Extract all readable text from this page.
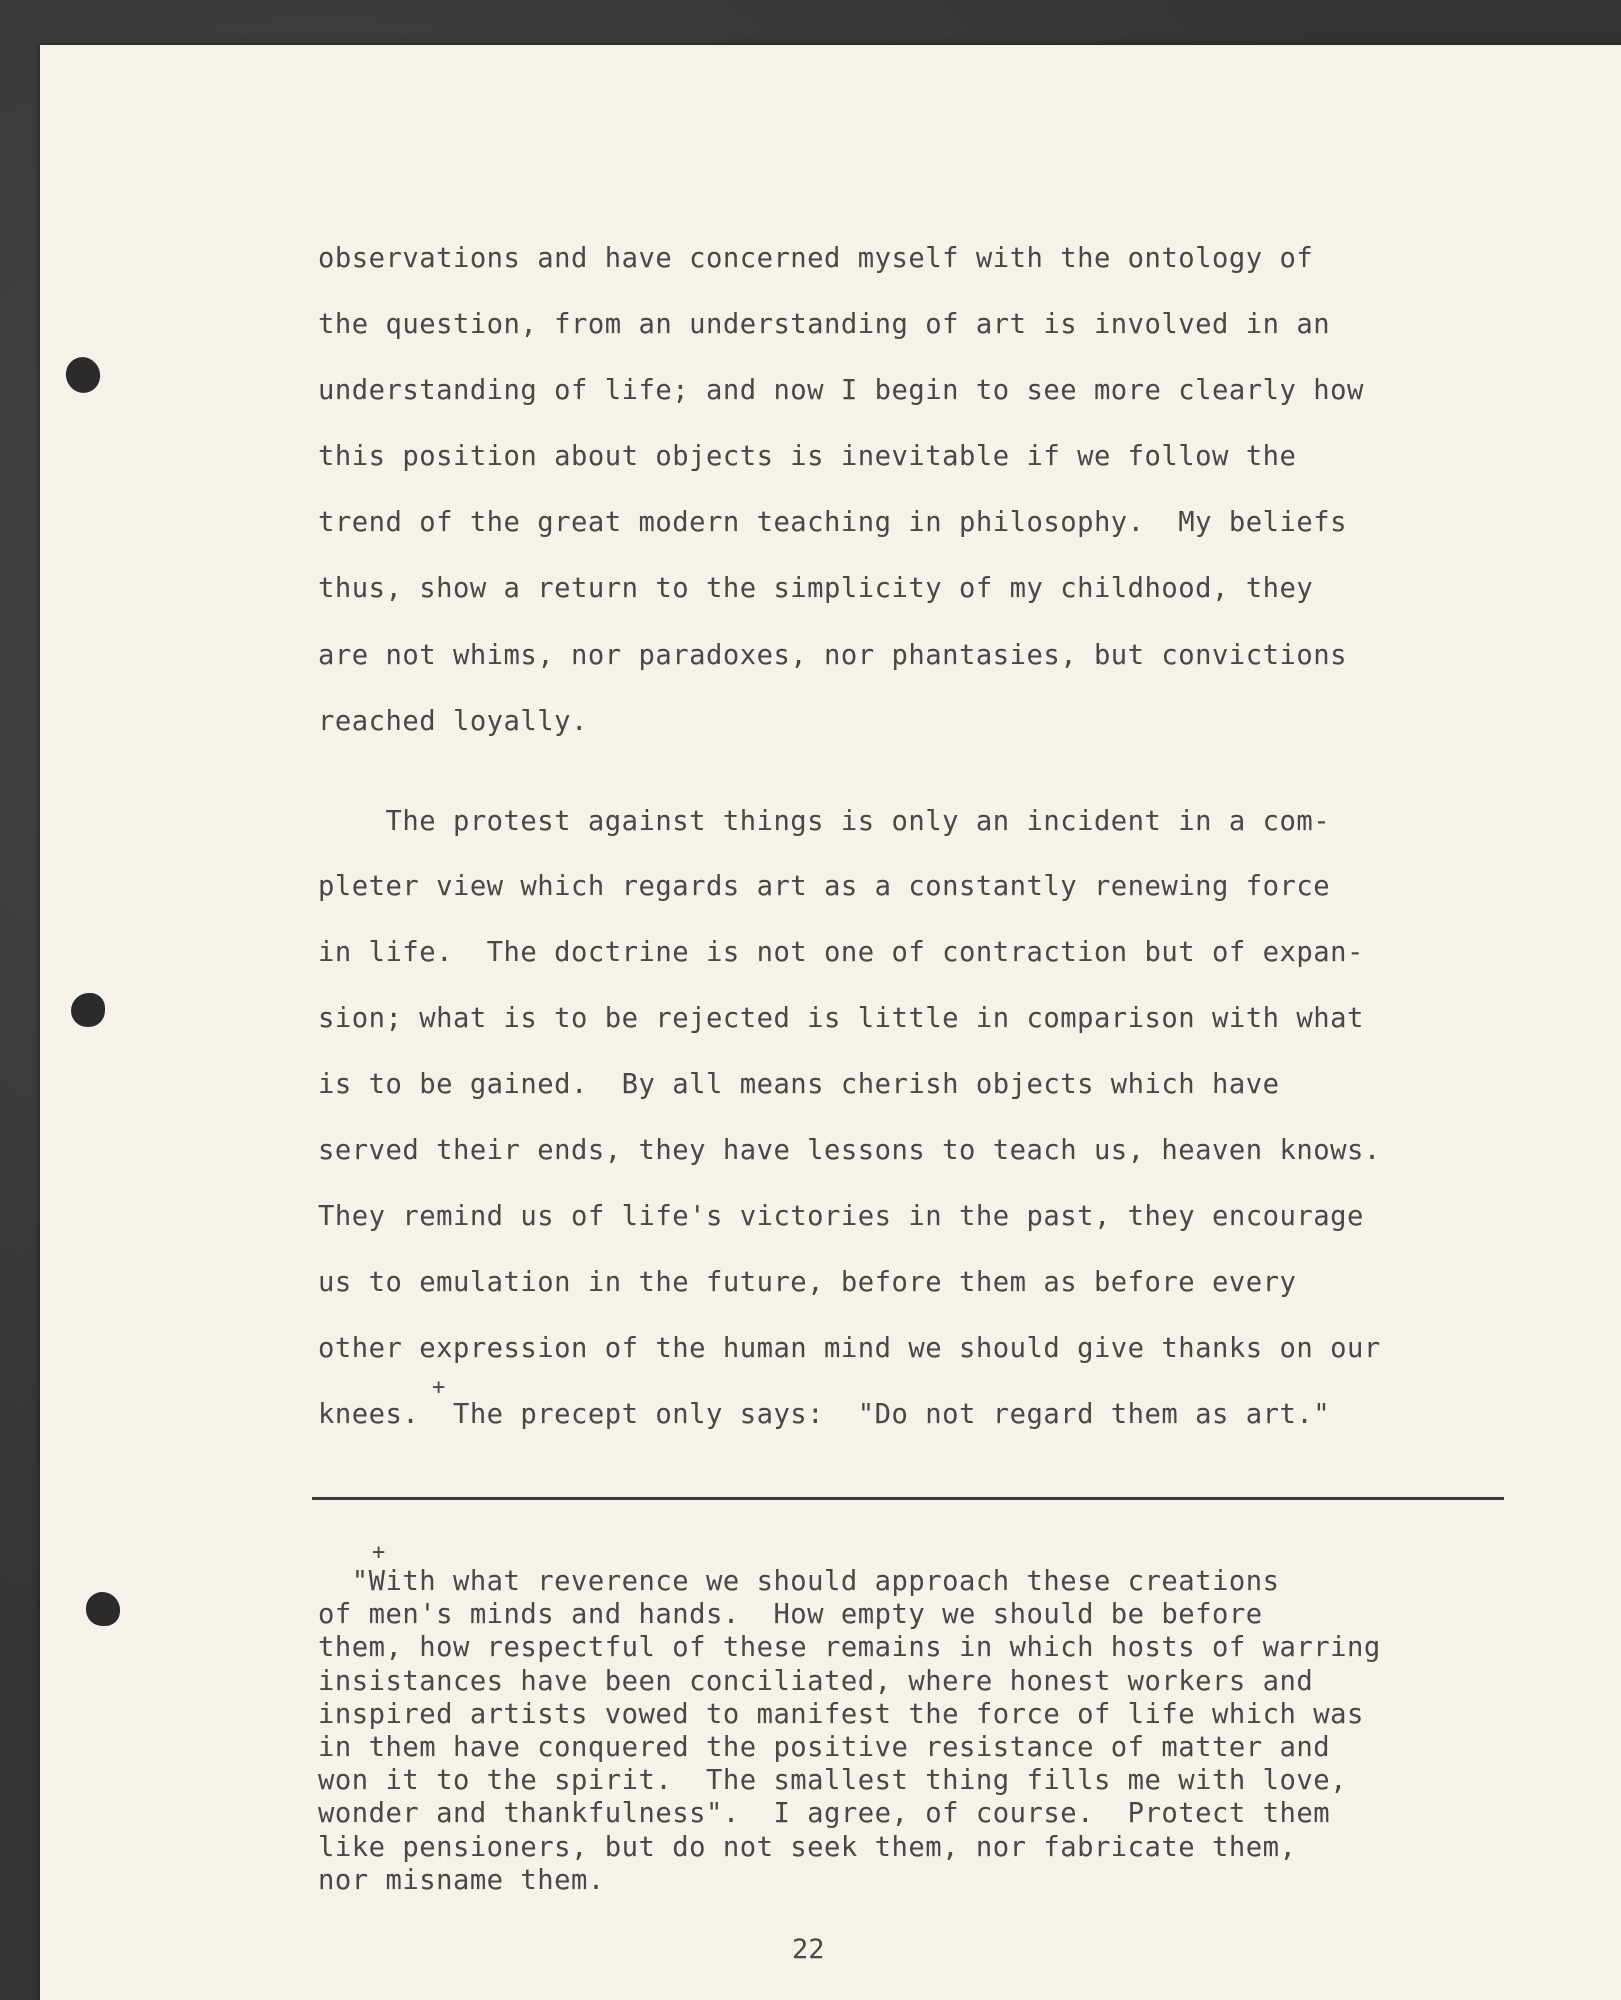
observations and have concerned myself with the ontology of
the question, from an understanding of art is involved in an
understanding of life; and now I begin to see more clearly how
this position about objects is inevitable if we follow the
trend of the great modern teaching in philosophy.  My beliefs
thus, show a return to the simplicity of my childhood, they
are not whims, nor paradoxes, nor phantasies, but convictions
reached loyally.
The protest against things is only an incident in a com-
pleter view which regards art as a constantly renewing force
in life.  The doctrine is not one of contraction but of expan-
sion; what is to be rejected is little in comparison with what
is to be gained.  By all means cherish objects which have
served their ends, they have lessons to teach us, heaven knows.
They remind us of life's victories in the past, they encourage
us to emulation in the future, before them as before every
other expression of the human mind we should give thanks on our
knees.  The precept only says:  "Do not regard them as art."
+
+
"With what reverence we should approach these creations
of men's minds and hands.  How empty we should be before
them, how respectful of these remains in which hosts of warring
insistances have been conciliated, where honest workers and
inspired artists vowed to manifest the force of life which was
in them have conquered the positive resistance of matter and
won it to the spirit.  The smallest thing fills me with love,
wonder and thankfulness".  I agree, of course.  Protect them
like pensioners, but do not seek them, nor fabricate them,
nor misname them.
22
